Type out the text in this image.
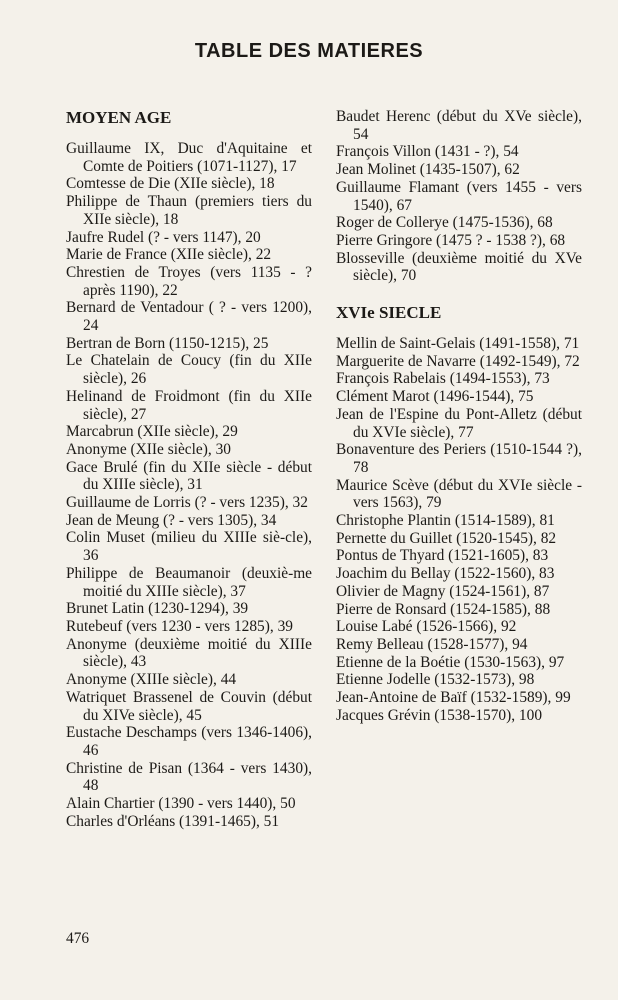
TABLE DES MATIERES
MOYEN AGE
Guillaume IX, Duc d'Aquitaine et Comte de Poitiers (1071-1127), 17
Comtesse de Die (XIIe siècle), 18
Philippe de Thaun (premiers tiers du XIIe siècle), 18
Jaufre Rudel (? - vers 1147), 20
Marie de France (XIIe siècle), 22
Chrestien de Troyes (vers 1135 - ? après 1190), 22
Bernard de Ventadour ( ? - vers 1200), 24
Bertran de Born (1150-1215), 25
Le Chatelain de Coucy (fin du XIIe siècle), 26
Helinand de Froidmont (fin du XIIe siècle), 27
Marcabrun (XIIe siècle), 29
Anonyme (XIIe siècle), 30
Gace Brulé (fin du XIIe siècle - début du XIIIe siècle), 31
Guillaume de Lorris (? - vers 1235), 32
Jean de Meung (? - vers 1305), 34
Colin Muset (milieu du XIIIe siè-cle), 36
Philippe de Beaumanoir (deuxiè-me moitié du XIIIe siècle), 37
Brunet Latin (1230-1294), 39
Rutebeuf (vers 1230 - vers 1285), 39
Anonyme (deuxième moitié du XIIIe siècle), 43
Anonyme (XIIIe siècle), 44
Watriquet Brassenel de Couvin (début du XIVe siècle), 45
Eustache Deschamps (vers 1346-1406), 46
Christine de Pisan (1364 - vers 1430), 48
Alain Chartier (1390 - vers 1440), 50
Charles d'Orléans (1391-1465), 51
Baudet Herenc (début du XVe siècle), 54
François Villon (1431 - ?), 54
Jean Molinet (1435-1507), 62
Guillaume Flamant (vers 1455 - vers 1540), 67
Roger de Collerye (1475-1536), 68
Pierre Gringore (1475 ? - 1538 ?), 68
Blosseville (deuxième moitié du XVe siècle), 70
XVIe SIECLE
Mellin de Saint-Gelais (1491-1558), 71
Marguerite de Navarre (1492-1549), 72
François Rabelais (1494-1553), 73
Clément Marot (1496-1544), 75
Jean de l'Espine du Pont-Alletz (début du XVIe siècle), 77
Bonaventure des Periers (1510-1544 ?), 78
Maurice Scève (début du XVIe siècle - vers 1563), 79
Christophe Plantin (1514-1589), 81
Pernette du Guillet (1520-1545), 82
Pontus de Thyard (1521-1605), 83
Joachim du Bellay (1522-1560), 83
Olivier de Magny (1524-1561), 87
Pierre de Ronsard (1524-1585), 88
Louise Labé (1526-1566), 92
Remy Belleau (1528-1577), 94
Etienne de la Boétie (1530-1563), 97
Etienne Jodelle (1532-1573), 98
Jean-Antoine de Baïf (1532-1589), 99
Jacques Grévin (1538-1570), 100
476
